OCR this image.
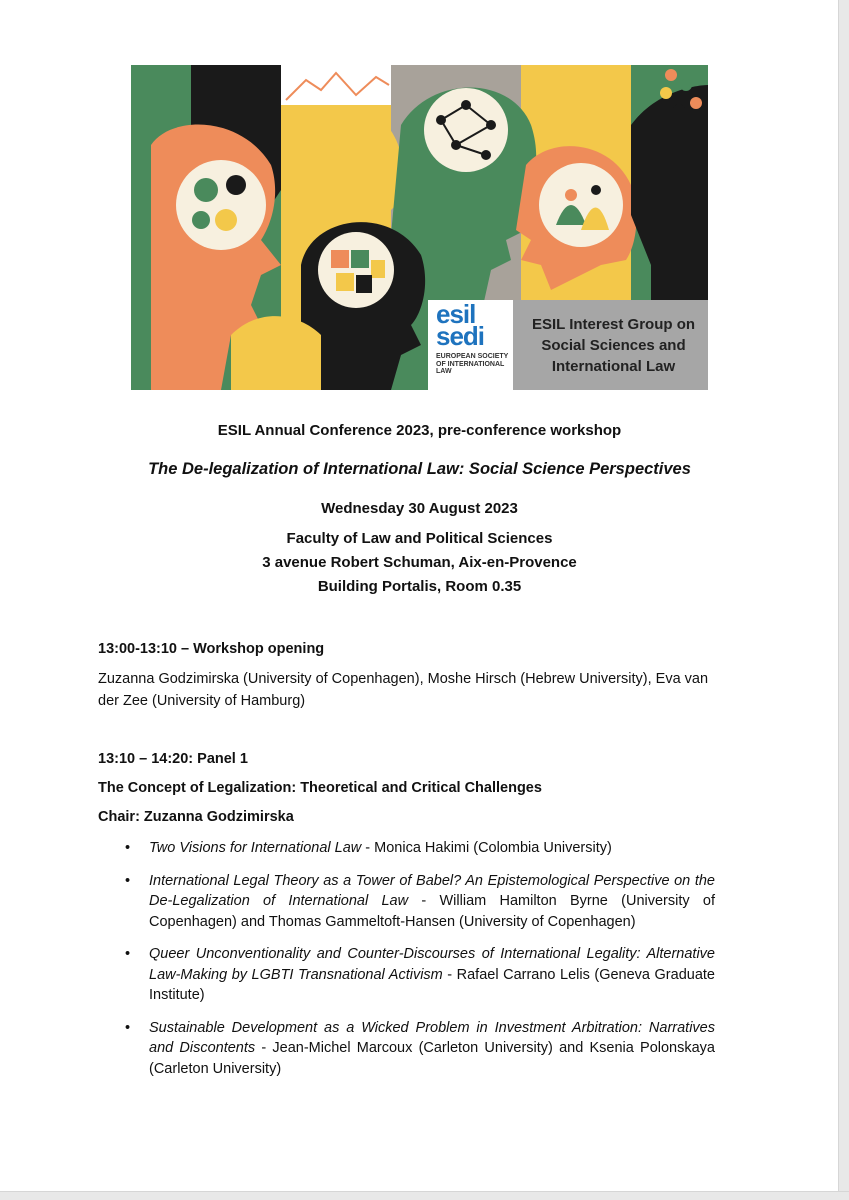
esil
sedi
EUROPEAN SOCIETY OF INTERNATIONAL LAW
ESIL Interest Group on Social Sciences and International Law
ESIL Annual Conference 2023, pre-conference workshop
The De-legalization of International Law: Social Science Perspectives
Wednesday 30 August 2023
Faculty of Law and Political Sciences
3 avenue Robert Schuman, Aix-en-Provence
Building Portalis, Room 0.35
13:00-13:10 – Workshop opening
Zuzanna Godzimirska (University of Copenhagen), Moshe Hirsch (Hebrew University), Eva van der Zee (University of Hamburg)
13:10 – 14:20: Panel 1
The Concept of Legalization: Theoretical and Critical Challenges
Chair: Zuzanna Godzimirska
• Two Visions for International Law - Monica Hakimi (Colombia University)
• International Legal Theory as a Tower of Babel? An Epistemological Perspective on the De-Legalization of International Law - William Hamilton Byrne (University of Copenhagen) and Thomas Gammeltoft-Hansen (University of Copenhagen)
• Queer Unconventionality and Counter-Discourses of International Legality: Alternative Law-Making by LGBTI Transnational Activism - Rafael Carrano Lelis (Geneva Graduate Institute)
• Sustainable Development as a Wicked Problem in Investment Arbitration: Narratives and Discontents - Jean-Michel Marcoux (Carleton University) and Ksenia Polonskaya (Carleton University)
